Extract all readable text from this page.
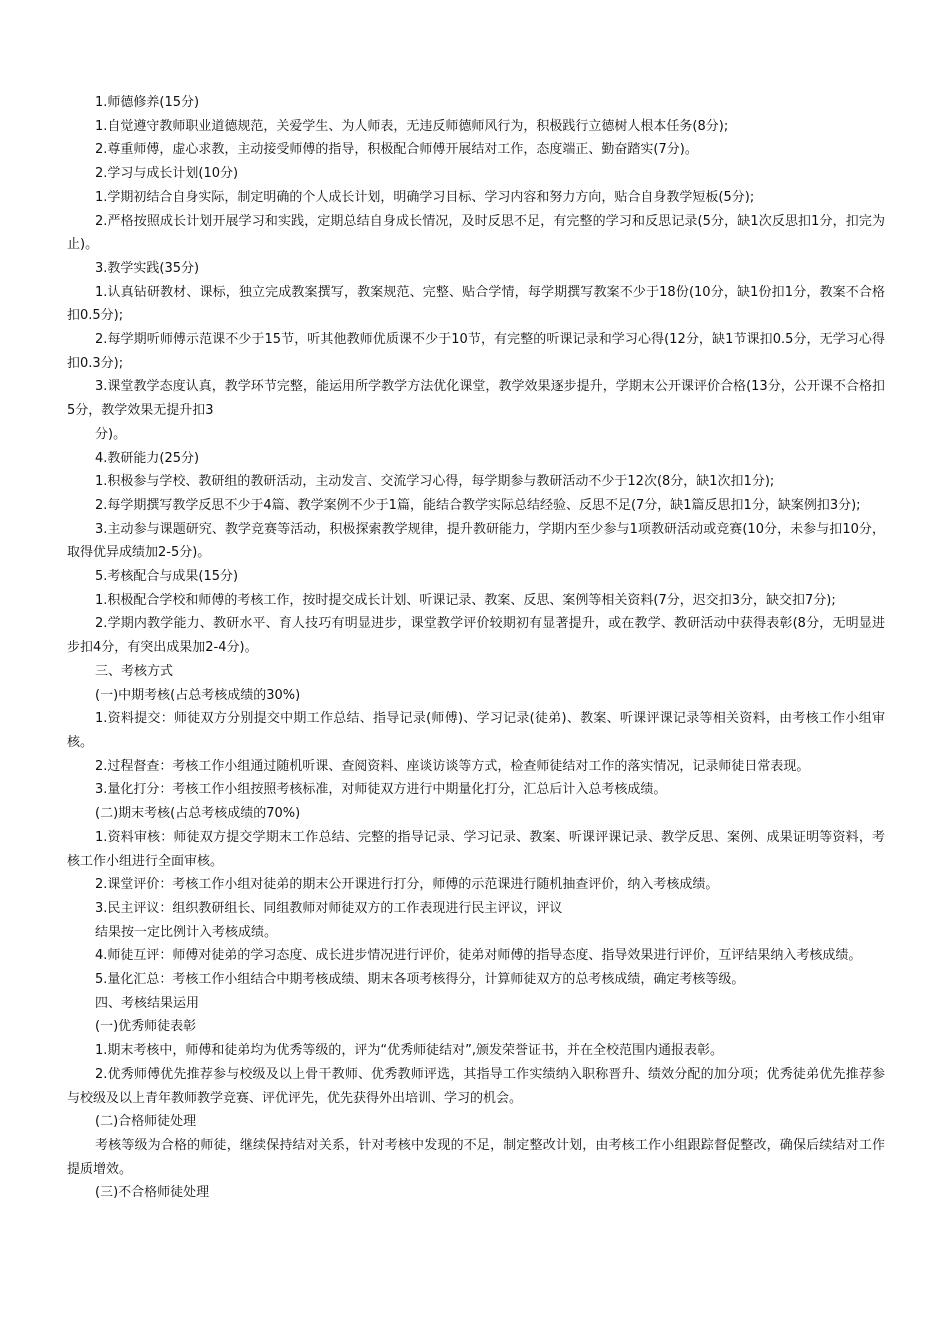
1.师德修养(15分)

1.自觉遵守教师职业道德规范，关爱学生、为人师表，无违反师德师风行为，积极践行立德树人根本任务(8分);

2.尊重师傅，虚心求教，主动接受师傅的指导，积极配合师傅开展结对工作，态度端正、勤奋踏实(7分)。

2.学习与成长计划(10分)

1.学期初结合自身实际，制定明确的个人成长计划，明确学习目标、学习内容和努力方向，贴合自身教学短板(5分);

2.严格按照成长计划开展学习和实践，定期总结自身成长情况，及时反思不足，有完整的学习和反思记录(5分，缺1次反思扣1分，扣完为止)。

3.教学实践(35分)

1.认真钻研教材、课标，独立完成教案撰写，教案规范、完整、贴合学情，每学期撰写教案不少于18份(10分，缺1份扣1分，教案不合格扣0.5分);

2.每学期听师傅示范课不少于15节，听其他教师优质课不少于10节，有完整的听课记录和学习心得(12分，缺1节课扣0.5分，无学习心得扣0.3分);

3.课堂教学态度认真，教学环节完整，能运用所学教学方法优化课堂，教学效果逐步提升，学期末公开课评价合格(13分，公开课不合格扣5分，教学效果无提升扣3

分)。

4.教研能力(25分)

1.积极参与学校、教研组的教研活动，主动发言、交流学习心得，每学期参与教研活动不少于12次(8分，缺1次扣1分);

2.每学期撰写教学反思不少于4篇、教学案例不少于1篇，能结合教学实际总结经验、反思不足(7分，缺1篇反思扣1分，缺案例扣3分);

3.主动参与课题研究、教学竞赛等活动，积极探索教学规律，提升教研能力，学期内至少参与1项教研活动或竞赛(10分，未参与扣10分，取得优异成绩加2-5分)。

5.考核配合与成果(15分)

1.积极配合学校和师傅的考核工作，按时提交成长计划、听课记录、教案、反思、案例等相关资料(7分，迟交扣3分，缺交扣7分);

2.学期内教学能力、教研水平、育人技巧有明显进步，课堂教学评价较期初有显著提升，或在教学、教研活动中获得表彰(8分，无明显进步扣4分，有突出成果加2-4分)。

三、考核方式

(一)中期考核(占总考核成绩的30%)

1.资料提交：师徒双方分别提交中期工作总结、指导记录(师傅)、学习记录(徒弟)、教案、听课评课记录等相关资料，由考核工作小组审核。

2.过程督查：考核工作小组通过随机听课、查阅资料、座谈访谈等方式，检查师徒结对工作的落实情况，记录师徒日常表现。

3.量化打分：考核工作小组按照考核标准，对师徒双方进行中期量化打分，汇总后计入总考核成绩。

(二)期末考核(占总考核成绩的70%)

1.资料审核：师徒双方提交学期末工作总结、完整的指导记录、学习记录、教案、听课评课记录、教学反思、案例、成果证明等资料，考核工作小组进行全面审核。

2.课堂评价：考核工作小组对徒弟的期末公开课进行打分，师傅的示范课进行随机抽查评价，纳入考核成绩。

3.民主评议：组织教研组长、同组教师对师徒双方的工作表现进行民主评议，评议

结果按一定比例计入考核成绩。

4.师徒互评：师傅对徒弟的学习态度、成长进步情况进行评价，徒弟对师傅的指导态度、指导效果进行评价，互评结果纳入考核成绩。

5.量化汇总：考核工作小组结合中期考核成绩、期末各项考核得分，计算师徒双方的总考核成绩，确定考核等级。

四、考核结果运用

(一)优秀师徒表彰

1.期末考核中，师傅和徒弟均为优秀等级的，评为“优秀师徒结对”,颁发荣誉证书，并在全校范围内通报表彰。

2.优秀师傅优先推荐参与校级及以上骨干教师、优秀教师评选，其指导工作实绩纳入职称晋升、绩效分配的加分项；优秀徒弟优先推荐参与校级及以上青年教师教学竞赛、评优评先，优先获得外出培训、学习的机会。

(二)合格师徒处理

考核等级为合格的师徒，继续保持结对关系，针对考核中发现的不足，制定整改计划，由考核工作小组跟踪督促整改，确保后续结对工作提质增效。

(三)不合格师徒处理
